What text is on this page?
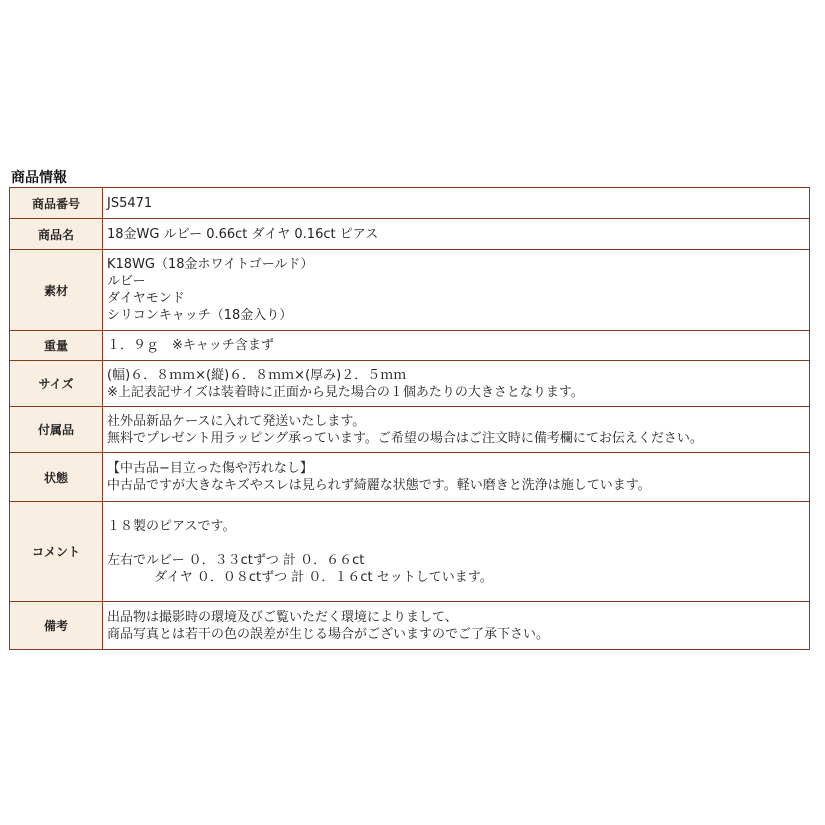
商品情報
商品番号	JS5471
商品名	18金WG ルビー 0.66ct ダイヤ 0.16ct ピアス
素材	K18WG（18金ホワイトゴールド）
ルビー
ダイヤモンド
シリコンキャッチ（18金入り）

重量	１．９ｇ　※キャッチ含まず
サイズ	(幅)６．８ｍｍ×(縦)６．８ｍｍ×(厚み)２．５ｍｍ
※上記表記サイズは装着時に正面から見た場合の１個あたりの大きさとなります。

付属品	社外品新品ケースに入れて発送いたします。
無料でプレゼント用ラッピング承っています。ご希望の場合はご注文時に備考欄にてお伝えください。

状態	【中古品−目立った傷や汚れなし】
中古品ですが大きなキズやスレは見られず綺麗な状態です。軽い磨きと洗浄は施しています。

コメント	１８製のピアスです。
左右でルビー ０．３３ctずつ 計 ０．６６ct
ダイヤ ０．０８ctずつ 計 ０．１６ct セットしています。

備考	出品物は撮影時の環境及びご覧いただく環境によりまして、
商品写真とは若干の色の誤差が生じる場合がございますのでご了承下さい。
